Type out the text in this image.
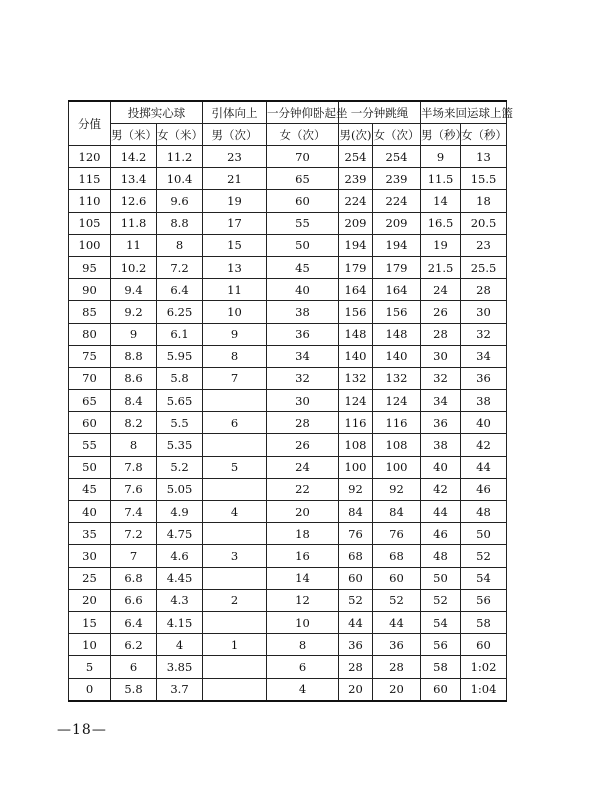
分值	投掷实心球		引体向上	一分钟仰卧起坐	一分钟跳绳		半场来回运球上篮	
	男（米）	女（米）	男（次）	女（次）	男(次)	女（次）	男（秒）	女（秒）
120	14.2	11.2	23	70	254	254	9	13
115	13.4	10.4	21	65	239	239	11.5	15.5
110	12.6	9.6	19	60	224	224	14	18
105	11.8	8.8	17	55	209	209	16.5	20.5
100	11	8	15	50	194	194	19	23
95	10.2	7.2	13	45	179	179	21.5	25.5
90	9.4	6.4	11	40	164	164	24	28
85	9.2	6.25	10	38	156	156	26	30
80	9	6.1	9	36	148	148	28	32
75	8.8	5.95	8	34	140	140	30	34
70	8.6	5.8	7	32	132	132	32	36
65	8.4	5.65		30	124	124	34	38
60	8.2	5.5	6	28	116	116	36	40
55	8	5.35		26	108	108	38	42
50	7.8	5.2	5	24	100	100	40	44
45	7.6	5.05		22	92	92	42	46
40	7.4	4.9	4	20	84	84	44	48
35	7.2	4.75		18	76	76	46	50
30	7	4.6	3	16	68	68	48	52
25	6.8	4.45		14	60	60	50	54
20	6.6	4.3	2	12	52	52	52	56
15	6.4	4.15		10	44	44	54	58
10	6.2	4	1	8	36	36	56	60
5	6	3.85		6	28	28	58	1:02
0	5.8	3.7		4	20	20	60	1:04
—18—
